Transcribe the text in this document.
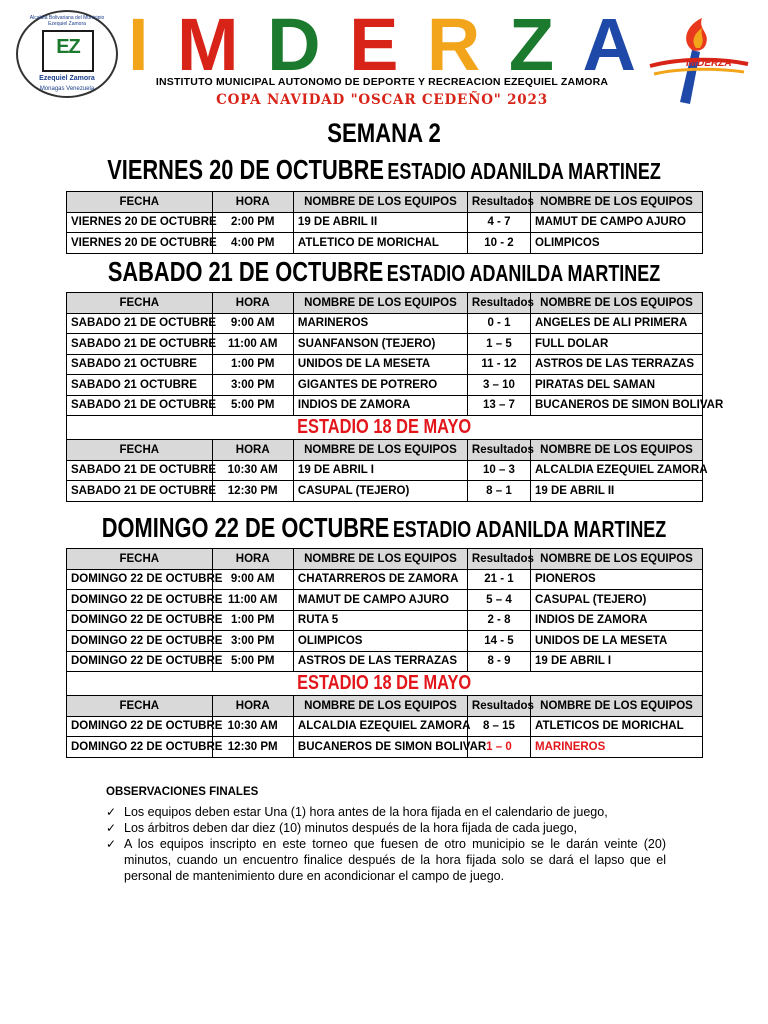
Alcaldía Bolivariana del Municipio Ezequiel Zamora
EZ
Ezequiel Zamora
Monagas Venezuela
I M D E R Z A
INSTITUTO MUNICIPAL AUTONOMO DE DEPORTE Y RECREACION EZEQUIEL ZAMORA
COPA NAVIDAD "OSCAR CEDEÑO" 2023
IMDERZA
SEMANA 2
VIERNES 20 DE OCTUBRE ESTADIO ADANILDA MARTINEZ
FECHA	HORA	NOMBRE DE LOS EQUIPOS	Resultados	NOMBRE DE LOS EQUIPOS
VIERNES 20 DE OCTUBRE	2:00 PM	19 DE ABRIL II	4 - 7	MAMUT DE CAMPO AJURO
VIERNES 20 DE OCTUBRE	4:00 PM	ATLETICO DE MORICHAL	10 - 2	OLIMPICOS
SABADO 21 DE OCTUBRE ESTADIO ADANILDA MARTINEZ
FECHA	HORA	NOMBRE DE LOS EQUIPOS	Resultados	NOMBRE DE LOS EQUIPOS
SABADO 21 DE OCTUBRE	9:00 AM	MARINEROS	0 - 1	ANGELES DE ALI PRIMERA
SABADO 21 DE OCTUBRE	11:00 AM	SUANFANSON (TEJERO)	1 – 5	FULL DOLAR
SABADO 21 OCTUBRE	1:00 PM	UNIDOS DE LA MESETA	11 - 12	ASTROS DE LAS TERRAZAS
SABADO 21 OCTUBRE	3:00 PM	GIGANTES DE POTRERO	3 – 10	PIRATAS DEL SAMAN
SABADO 21 DE OCTUBRE	5:00 PM	INDIOS DE ZAMORA	13 – 7	BUCANEROS DE SIMON BOLIVAR
ESTADIO 18 DE MAYO				
FECHA	HORA	NOMBRE DE LOS EQUIPOS	Resultados	NOMBRE DE LOS EQUIPOS
SABADO 21 DE OCTUBRE	10:30 AM	19 DE ABRIL I	10 – 3	ALCALDIA EZEQUIEL ZAMORA
SABADO 21 DE OCTUBRE	12:30 PM	CASUPAL (TEJERO)	8 – 1	19 DE ABRIL II
DOMINGO 22 DE OCTUBRE ESTADIO ADANILDA MARTINEZ
FECHA	HORA	NOMBRE DE LOS EQUIPOS	Resultados	NOMBRE DE LOS EQUIPOS
DOMINGO 22 DE OCTUBRE	9:00 AM	CHATARREROS DE ZAMORA	21 - 1	PIONEROS
DOMINGO 22 DE OCTUBRE	11:00 AM	MAMUT DE CAMPO AJURO	5 – 4	CASUPAL (TEJERO)
DOMINGO 22 DE OCTUBRE	1:00 PM	RUTA 5	2 - 8	INDIOS DE ZAMORA
DOMINGO 22 DE OCTUBRE	3:00 PM	OLIMPICOS	14 - 5	UNIDOS DE LA MESETA
DOMINGO 22 DE OCTUBRE	5:00 PM	ASTROS DE LAS TERRAZAS	8 - 9	19 DE ABRIL I
ESTADIO 18 DE MAYO				
FECHA	HORA	NOMBRE DE LOS EQUIPOS	Resultados	NOMBRE DE LOS EQUIPOS
DOMINGO 22 DE OCTUBRE	10:30 AM	ALCALDIA EZEQUIEL ZAMORA	8 – 15	ATLETICOS DE MORICHAL
DOMINGO 22 DE OCTUBRE	12:30 PM	BUCANEROS DE SIMON BOLIVAR	1 – 0	MARINEROS
OBSERVACIONES FINALES
✓ Los equipos deben estar Una (1) hora antes de la hora fijada en el calendario de juego,
✓ Los árbitros deben dar diez (10) minutos después de la hora fijada de cada juego,
✓ A los equipos inscripto en este torneo que fuesen de otro municipio se le darán veinte (20) minutos, cuando un encuentro finalice después de la hora fijada solo se dará el lapso que el personal de mantenimiento dure en acondicionar el campo de juego.
